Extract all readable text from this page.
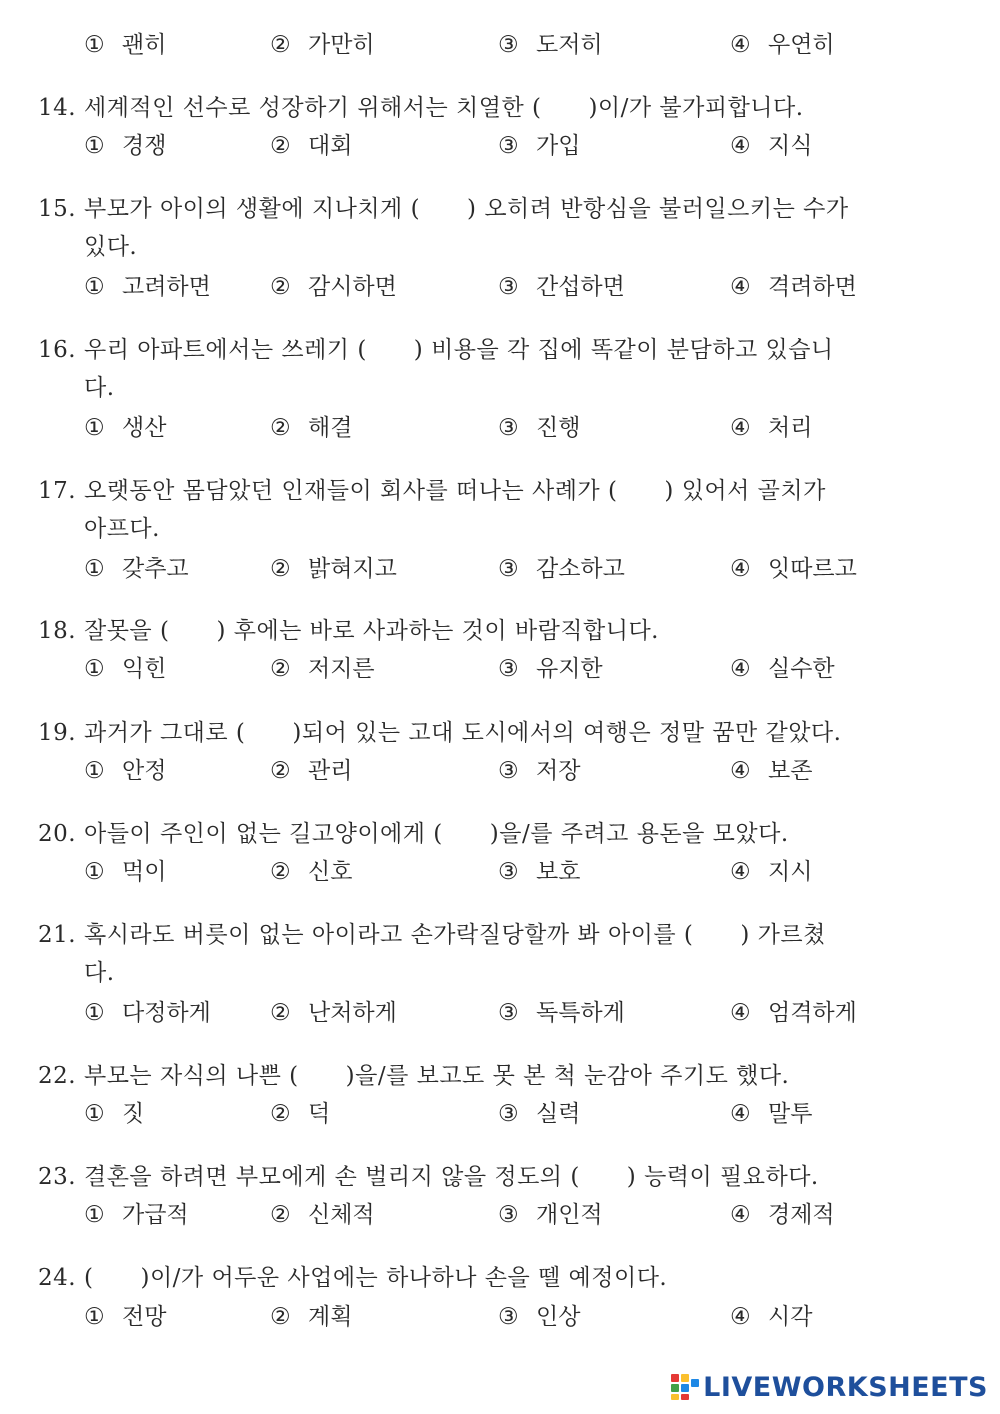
① 괜히	② 가만히	③ 도저히	④ 우연히
14. 세계적인 선수로 성장하기 위해서는 치열한 (　　)이/가 불가피합니다.
① 경쟁	② 대회	③ 가입	④ 지식
15. 부모가 아이의 생활에 지나치게 (　　) 오히려 반항심을 불러일으키는 수가
있다.
① 고려하면	② 감시하면	③ 간섭하면	④ 격려하면
16. 우리 아파트에서는 쓰레기 (　　) 비용을 각 집에 똑같이 분담하고 있습니
다.
① 생산	② 해결	③ 진행	④ 처리
17. 오랫동안 몸담았던 인재들이 회사를 떠나는 사례가 (　　) 있어서 골치가
아프다.
① 갖추고	② 밝혀지고	③ 감소하고	④ 잇따르고
18. 잘못을 (　　) 후에는 바로 사과하는 것이 바람직합니다.
① 익힌	② 저지른	③ 유지한	④ 실수한
19. 과거가 그대로 (　　)되어 있는 고대 도시에서의 여행은 정말 꿈만 같았다.
① 안정	② 관리	③ 저장	④ 보존
20. 아들이 주인이 없는 길고양이에게 (　　)을/를 주려고 용돈을 모았다.
① 먹이	② 신호	③ 보호	④ 지시
21. 혹시라도 버릇이 없는 아이라고 손가락질당할까 봐 아이를 (　　) 가르쳤
다.
① 다정하게	② 난처하게	③ 독특하게	④ 엄격하게
22. 부모는 자식의 나쁜 (　　)을/를 보고도 못 본 척 눈감아 주기도 했다.
① 짓	② 덕	③ 실력	④ 말투
23. 결혼을 하려면 부모에게 손 벌리지 않을 정도의 (　　) 능력이 필요하다.
① 가급적	② 신체적	③ 개인적	④ 경제적
24. (　　)이/가 어두운 사업에는 하나하나 손을 뗄 예정이다.
① 전망	② 계획	③ 인상	④ 시각
LIVEWORKSHEETS
